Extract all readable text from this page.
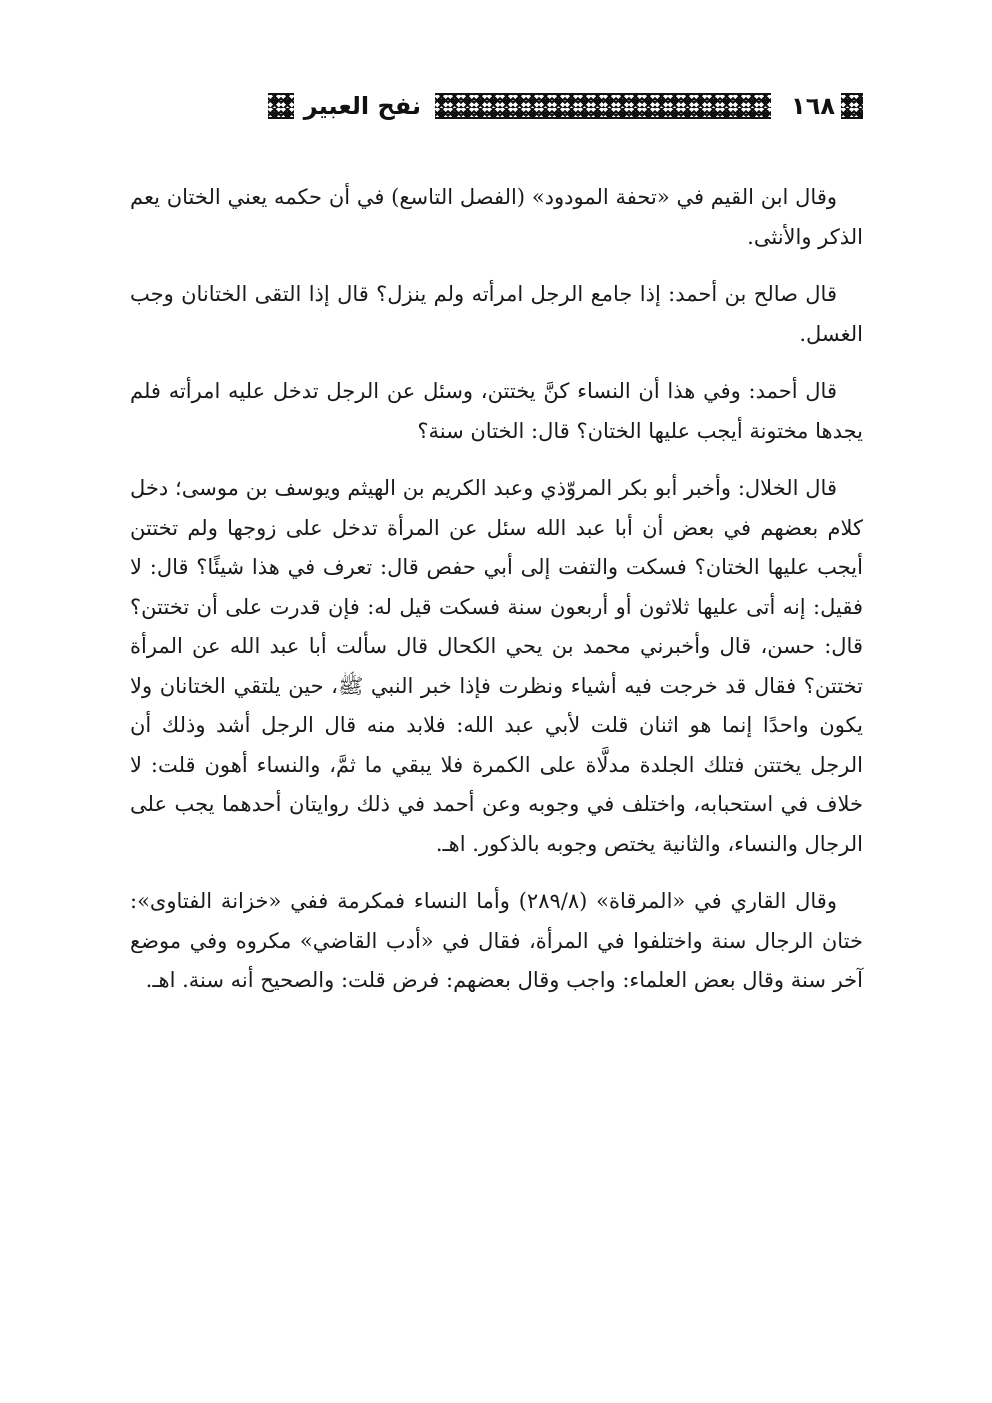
١٦٨
نفح العبير

وقال ابن القيم في «تحفة المودود» (الفصل التاسع) في أن حكمه يعني الختان يعم الذكر والأنثى.

قال صالح بن أحمد: إذا جامع الرجل امرأته ولم ينزل؟ قال إذا التقى الختانان وجب الغسل.

قال أحمد: وفي هذا أن النساء كنَّ يختتن، وسئل عن الرجل تدخل عليه امرأته فلم يجدها مختونة أيجب عليها الختان؟ قال: الختان سنة؟

قال الخلال: وأخبر أبو بكر المروّذي وعبد الكريم بن الهيثم ويوسف بن موسى؛ دخل كلام بعضهم في بعض أن أبا عبد الله سئل عن المرأة تدخل على زوجها ولم تختتن أيجب عليها الختان؟ فسكت والتفت إلى أبي حفص قال: تعرف في هذا شيئًا؟ قال: لا فقيل: إنه أتى عليها ثلاثون أو أربعون سنة فسكت قيل له: فإن قدرت على أن تختتن؟ قال: حسن، قال وأخبرني محمد بن يحي الكحال قال سألت أبا عبد الله عن المرأة تختتن؟ فقال قد خرجت فيه أشياء ونظرت فإذا خبر النبي ﷺ، حين يلتقي الختانان ولا يكون واحدًا إنما هو اثنان قلت لأبي عبد الله: فلابد منه قال الرجل أشد وذلك أن الرجل يختتن فتلك الجلدة مدلَّاة على الكمرة فلا يبقي ما ثمَّ، والنساء أهون قلت: لا خلاف في استحبابه، واختلف في وجوبه وعن أحمد في ذلك روايتان أحدهما يجب على الرجال والنساء، والثانية يختص وجوبه بالذكور. اهـ.

وقال القاري في «المرقاة» (٢٨٩/٨) وأما النساء فمكرمة ففي «خزانة الفتاوى»: ختان الرجال سنة واختلفوا في المرأة، فقال في «أدب القاضي» مكروه وفي موضع آخر سنة وقال بعض العلماء: واجب وقال بعضهم: فرض قلت: والصحيح أنه سنة. اهـ.
